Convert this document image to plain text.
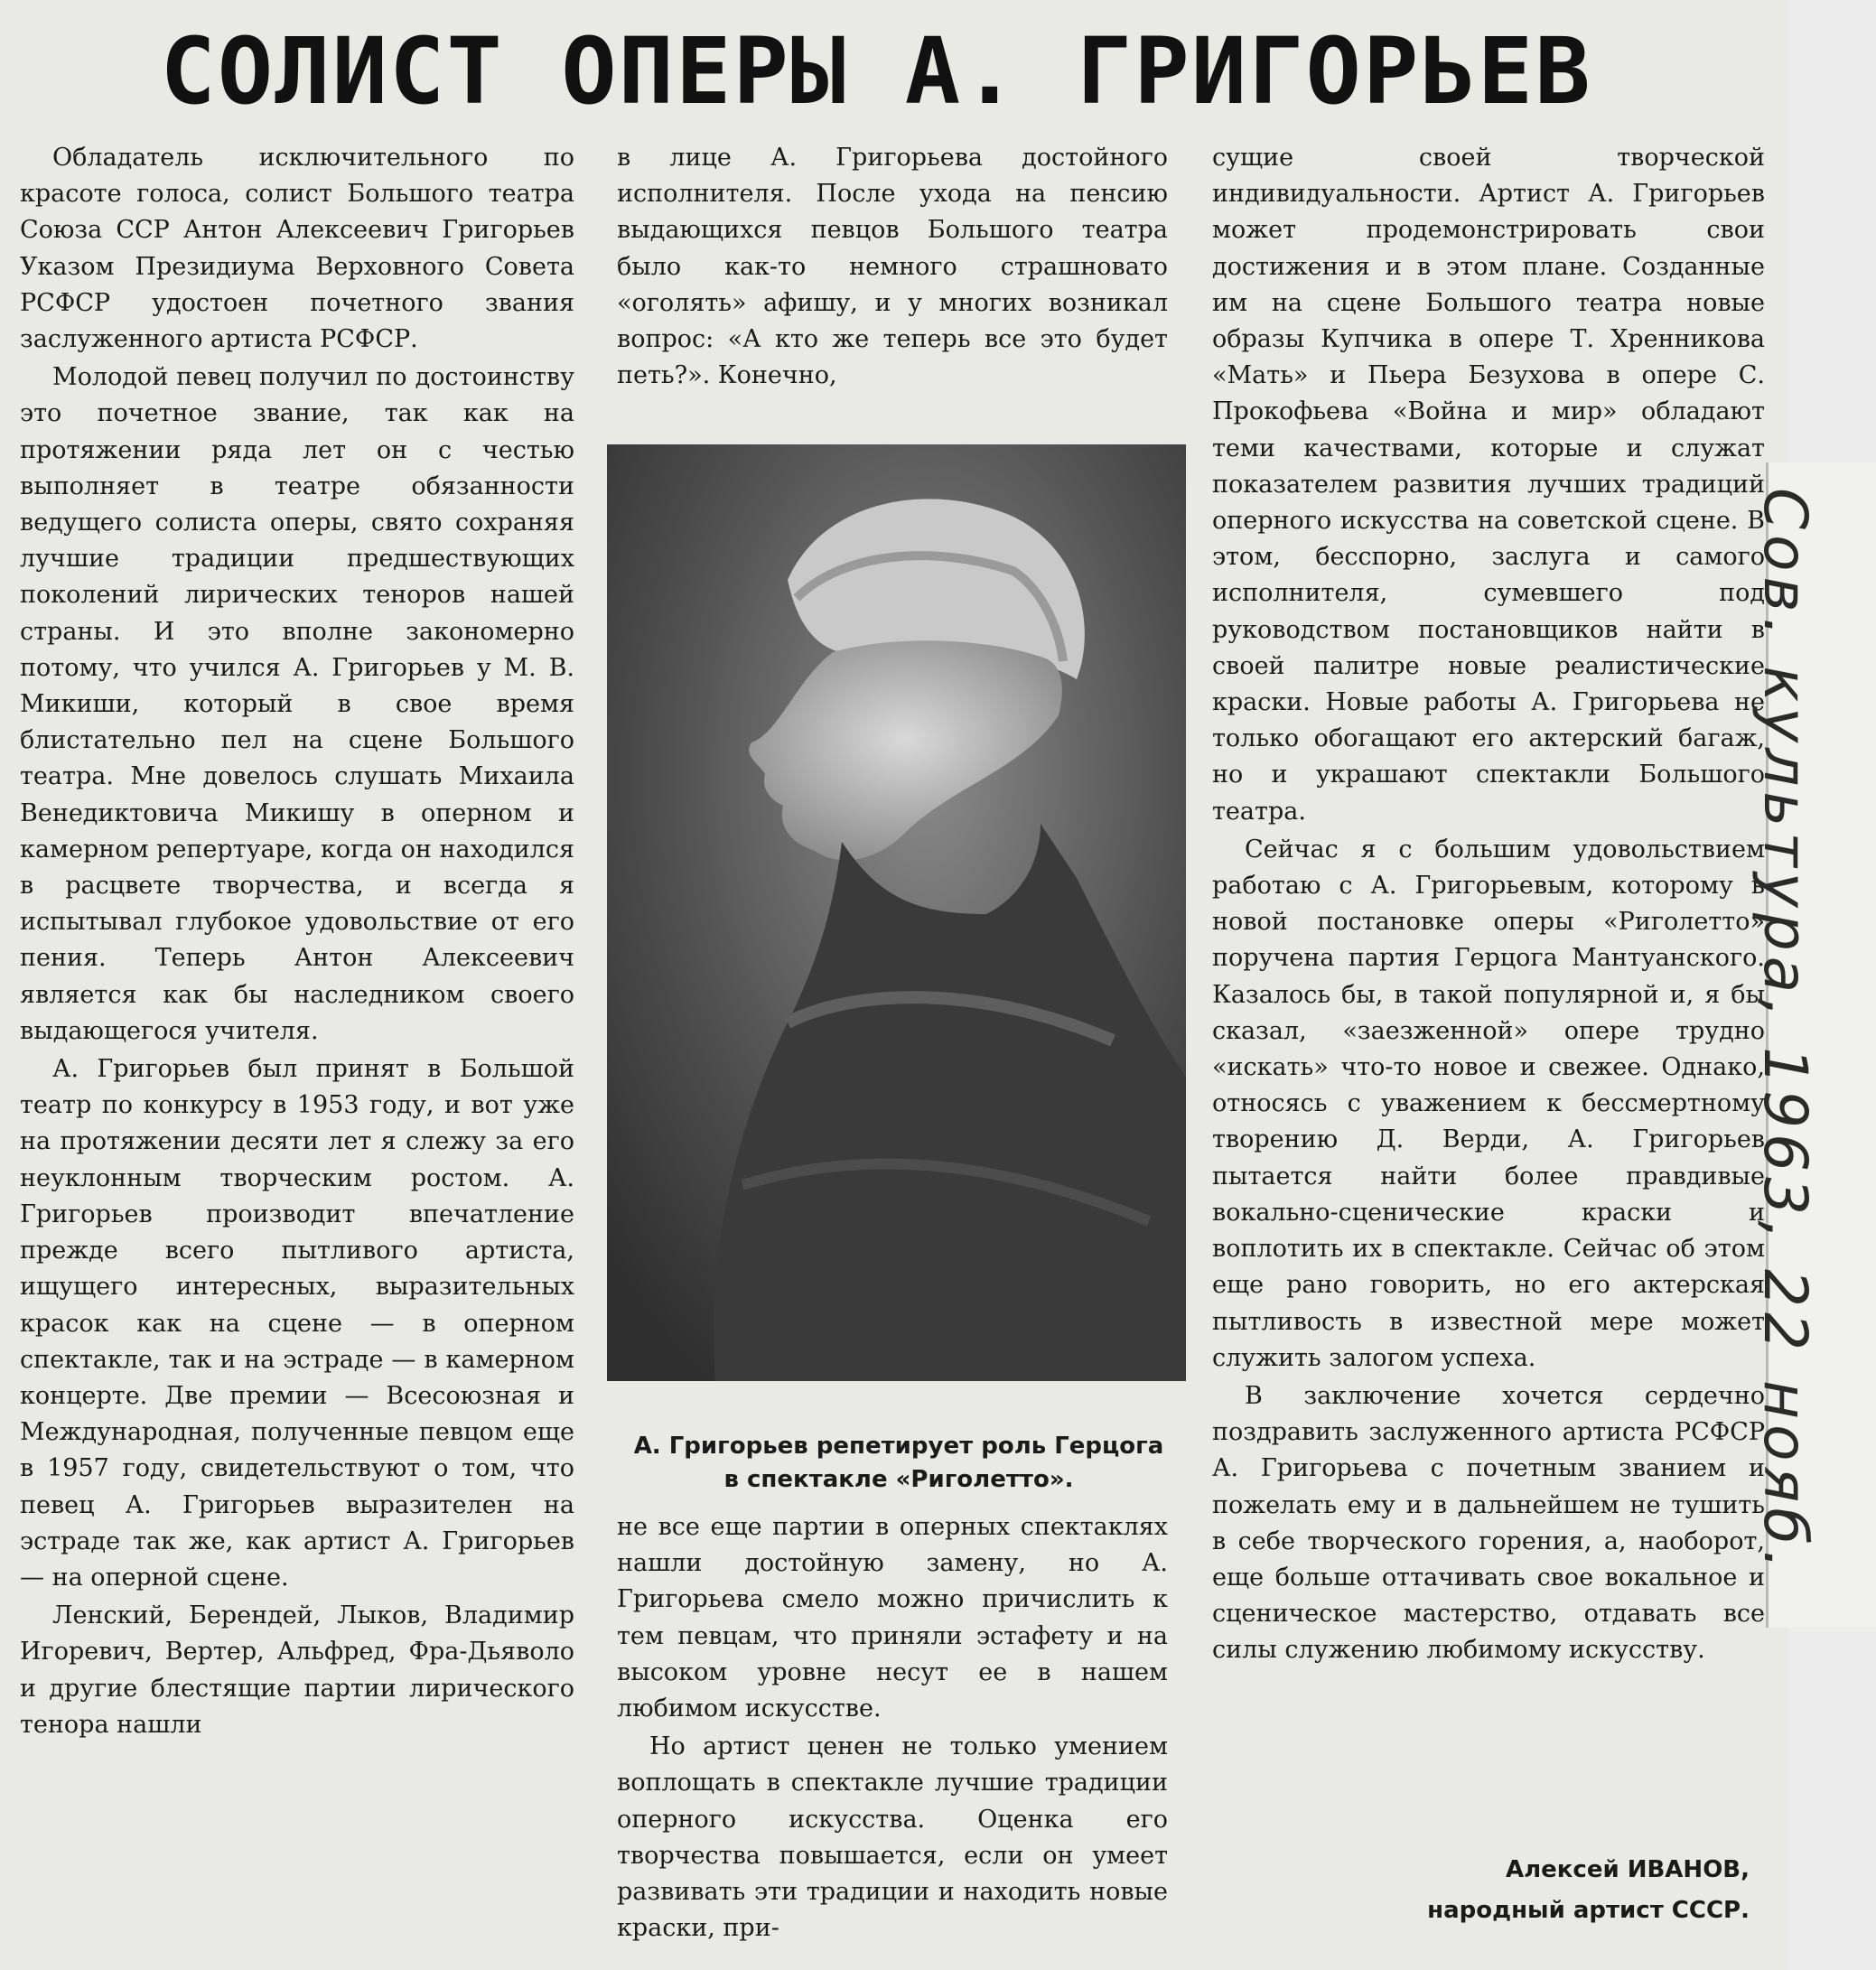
СОЛИСТ ОПЕРЫ А. ГРИГОРЬЕВ

Обладатель исключительного по красоте голоса, солист Большого театра Союза ССР Антон Алексеевич Григорьев Указом Президиума Верховного Совета РСФСР удостоен почетного звания заслуженного артиста РСФСР.

Молодой певец получил по достоинству это почетное звание, так как на протяжении ряда лет он с честью выполняет в театре обязанности ведущего солиста оперы, свято сохраняя лучшие традиции предшествующих поколений лирических теноров нашей страны. И это вполне закономерно потому, что учился А. Григорьев у М. В. Микиши, который в свое время блистательно пел на сцене Большого театра. Мне довелось слушать Михаила Венедиктовича Микишу в оперном и камерном репертуаре, когда он находился в расцвете творчества, и всегда я испытывал глубокое удовольствие от его пения. Теперь Антон Алексеевич является как бы наследником своего выдающегося учителя.

А. Григорьев был принят в Большой театр по конкурсу в 1953 году, и вот уже на протяжении десяти лет я слежу за его неуклонным творческим ростом. А. Григорьев производит впечатление прежде всего пытливого артиста, ищущего интересных, выразительных красок как на сцене — в оперном спектакле, так и на эстраде — в камерном концерте. Две премии — Всесоюзная и Международная, полученные певцом еще в 1957 году, свидетельствуют о том, что певец А. Григорьев выразителен на эстраде так же, как артист А. Григорьев — на оперной сцене.

Ленский, Берендей, Лыков, Владимир Игоревич, Вертер, Альфред, Фра-Дьяволо и другие блестящие партии лирического тенора нашли

в лице А. Григорьева достойного исполнителя. После ухода на пенсию выдающихся певцов Большого театра было как-то немного страшновато «оголять» афишу, и у многих возникал вопрос: «А кто же теперь все это будет петь?». Конечно,

А. Григорьев репетирует роль Герцога в спектакле «Риголетто».

не все еще партии в оперных спектаклях нашли достойную замену, но А. Григорьева смело можно причислить к тем певцам, что приняли эстафету и на высоком уровне несут ее в нашем любимом искусстве.

Но артист ценен не только умением воплощать в спектакле лучшие традиции оперного искусства. Оценка его творчества повышается, если он умеет развивать эти традиции и находить новые краски, при-

сущие своей творческой индивидуальности. Артист А. Григорьев может продемонстрировать свои достижения и в этом плане. Созданные им на сцене Большого театра новые образы Купчика в опере Т. Хренникова «Мать» и Пьера Безухова в опере С. Прокофьева «Война и мир» обладают теми качествами, которые и служат показателем развития лучших традиций оперного искусства на советской сцене. В этом, бесспорно, заслуга и самого исполнителя, сумевшего под руководством постановщиков найти в своей палитре новые реалистические краски. Новые работы А. Григорьева не только обогащают его актерский багаж, но и украшают спектакли Большого театра.

Сейчас я с большим удовольствием работаю с А. Григорьевым, которому в новой постановке оперы «Риголетто» поручена партия Герцога Мантуанского. Казалось бы, в такой популярной и, я бы сказал, «заезженной» опере трудно «искать» что-то новое и свежее. Однако, относясь с уважением к бессмертному творению Д. Верди, А. Григорьев пытается найти более правдивые вокально-сценические краски и воплотить их в спектакле. Сейчас об этом еще рано говорить, но его актерская пытливость в известной мере может служить залогом успеха.

В заключение хочется сердечно поздравить заслуженного артиста РСФСР А. Григорьева с почетным званием и пожелать ему и в дальнейшем не тушить в себе творческого горения, а, наоборот, еще больше оттачивать свое вокальное и сценическое мастерство, отдавать все силы служению любимому искусству.

Алексей ИВАНОВ,
народный артист СССР.
Сов. культура, 1963, 22 нояб.
